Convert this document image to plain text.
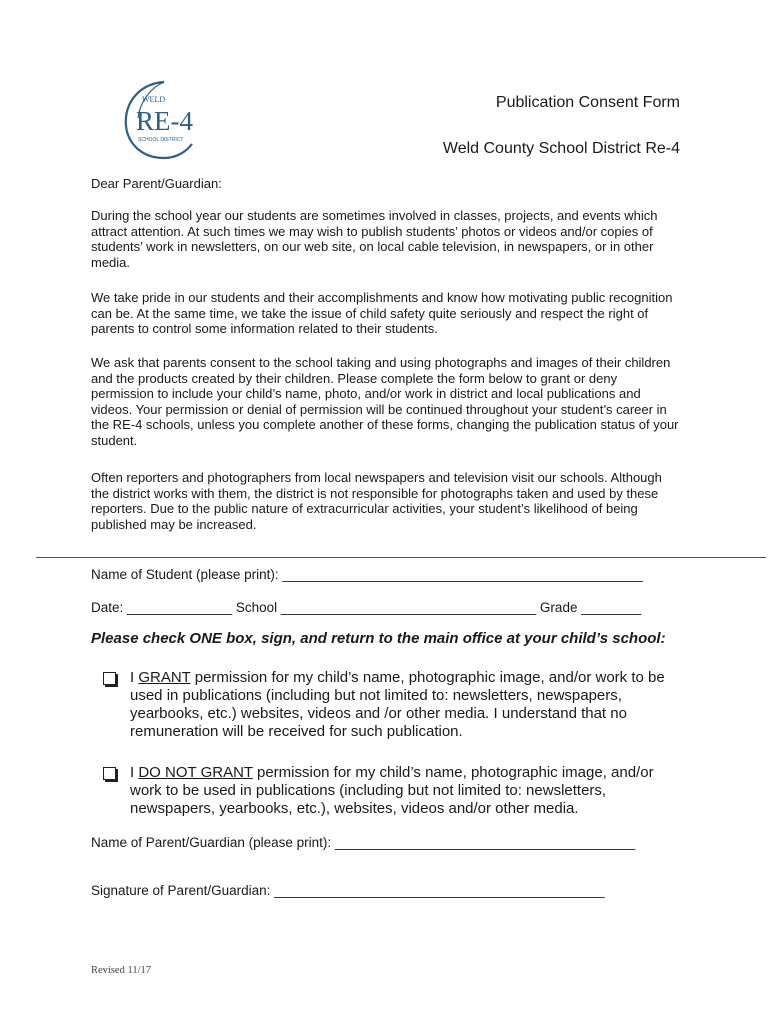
WELD
RE-4
SCHOOL DISTRICT
Publication Consent Form
Weld County School District Re-4
Dear Parent/Guardian:
During the school year our students are sometimes involved in classes, projects, and events which attract attention. At such times we may wish to publish students’ photos or videos and/or copies of students’ work in newsletters, on our web site, on local cable television, in newspapers, or in other media.
We take pride in our students and their accomplishments and know how motivating public recognition can be. At the same time, we take the issue of child safety quite seriously and respect the right of parents to control some information related to their students.
We ask that parents consent to the school taking and using photographs and images of their children and the products created by their children. Please complete the form below to grant or deny permission to include your child’s name, photo, and/or work in district and local publications and videos. Your permission or denial of permission will be continued throughout your student’s career in the RE-4 schools, unless you complete another of these forms, changing the publication status of your student.
Often reporters and photographers from local newspapers and television visit our schools. Although the district works with them, the district is not responsible for photographs taken and used by these reporters. Due to the public nature of extracurricular activities, your student’s likelihood of being published may be increased.
Name of Student (please print): ________________________________________________
Date: ______________ School __________________________________ Grade ________
Please check ONE box, sign, and return to the main office at your child’s school:
I GRANT permission for my child’s name, photographic image, and/or work to be used in publications (including but not limited to: newsletters, newspapers, yearbooks, etc.) websites, videos and /or other media. I understand that no remuneration will be received for such publication.
I DO NOT GRANT permission for my child’s name, photographic image, and/or work to be used in publications (including but not limited to: newsletters, newspapers, yearbooks, etc.), websites, videos and/or other media.
Name of Parent/Guardian (please print): ________________________________________
Signature of Parent/Guardian: ____________________________________________
Revised 11/17
